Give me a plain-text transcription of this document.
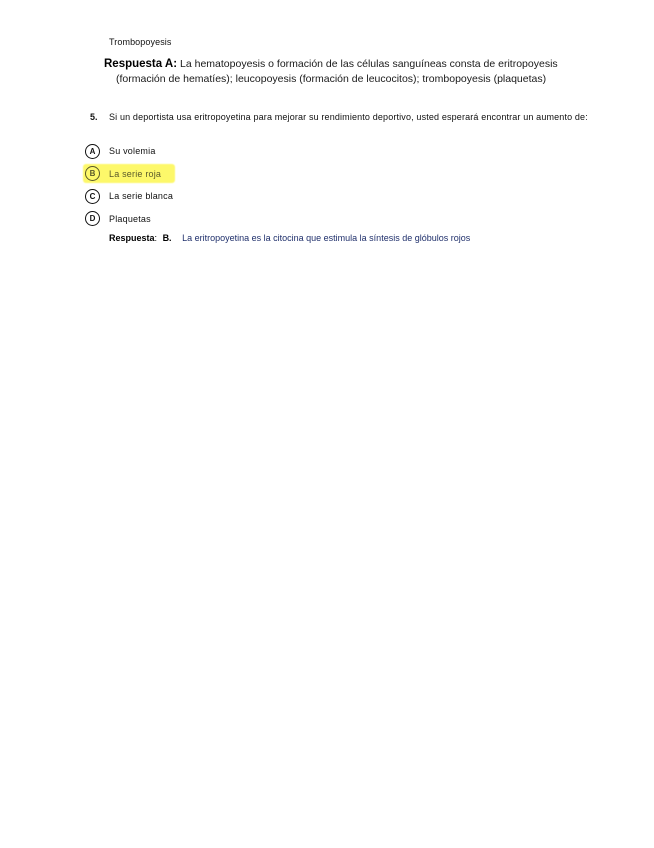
Trombopoyesis
Respuesta A: La hematopoyesis o formación de las células sanguíneas consta de eritropoyesis
(formación de hematíes); leucopoyesis (formación de leucocitos); trombopoyesis (plaquetas)
5. Si un deportista usa eritropoyetina para mejorar su rendimiento deportivo, usted esperará encontrar un aumento de:
A	Su volemia
B	La serie roja
C	La serie blanca
D	Plaquetas
Respuesta: B. La eritropoyetina es la citocina que estimula la síntesis de glóbulos rojos
